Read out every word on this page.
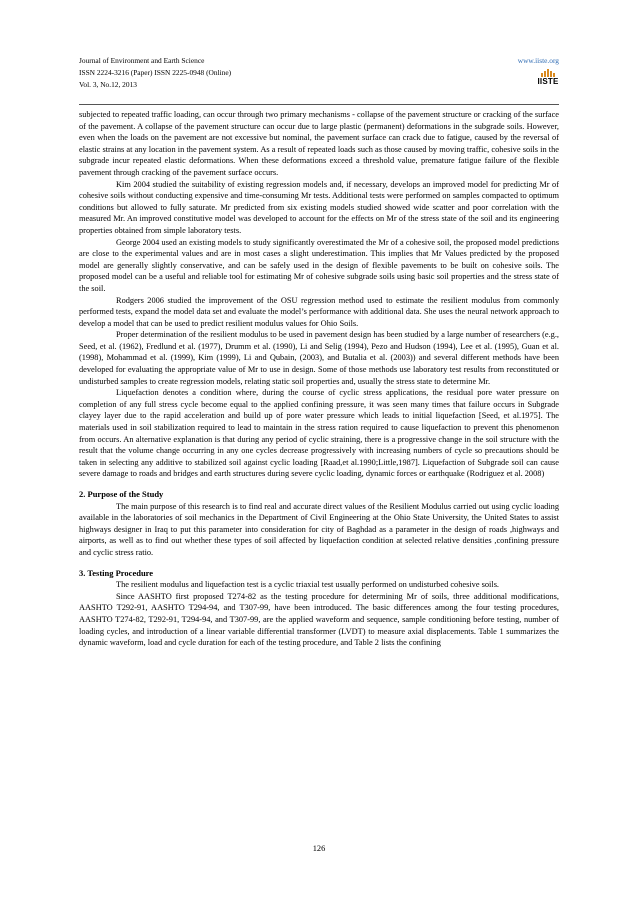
Journal of Environment and Earth Science
ISSN 2224-3216 (Paper) ISSN 2225-0948 (Online)
Vol. 3, No.12, 2013
www.iiste.org
IISTE

subjected to repeated traffic loading, can occur through two primary mechanisms - collapse of the pavement structure or cracking of the surface of the pavement. A collapse of the pavement structure can occur due to large plastic (permanent) deformations in the subgrade soils. However, even when the loads on the pavement are not excessive but nominal, the pavement surface can crack due to fatigue, caused by the reversal of elastic strains at any location in the pavement system. As a result of repeated loads such as those caused by moving traffic, cohesive soils in the subgrade incur repeated elastic deformations. When these deformations exceed a threshold value, premature fatigue failure of the flexible pavement through cracking of the pavement surface occurs.

Kim 2004 studied the suitability of existing regression models and, if necessary, develops an improved model for predicting Mr of cohesive soils without conducting expensive and time-consuming Mr tests. Additional tests were performed on samples compacted to optimum conditions but allowed to fully saturate. Mr predicted from six existing models studied showed wide scatter and poor correlation with the measured Mr. An improved constitutive model was developed to account for the effects on Mr of the stress state of the soil and its engineering properties obtained from simple laboratory tests.

George 2004 used an existing models to study significantly overestimated the Mr of a cohesive soil, the proposed model predictions are close to the experimental values and are in most cases a slight underestimation. This implies that Mr Values predicted by the proposed model are generally slightly conservative, and can be safely used in the design of flexible pavements to be built on cohesive soils. The proposed model can be a useful and reliable tool for estimating Mr of cohesive subgrade soils using basic soil properties and the stress state of the soil.

Rodgers 2006 studied the improvement of the OSU regression method used to estimate the resilient modulus from commonly performed tests, expand the model data set and evaluate the model’s performance with additional data. She uses the neural network approach to develop a model that can be used to predict resilient modulus values for Ohio Soils.

Proper determination of the resilient modulus to be used in pavement design has been studied by a large number of researchers (e.g., Seed, et al. (1962), Fredlund et al. (1977), Drumm et al. (1990), Li and Selig (1994), Pezo and Hudson (1994), Lee et al. (1995), Guan et al. (1998), Mohammad et al. (1999), Kim (1999), Li and Qubain, (2003), and Butalia et al. (2003)) and several different methods have been developed for evaluating the appropriate value of Mr to use in design. Some of those methods use laboratory test results from reconstituted or undisturbed samples to create regression models, relating static soil properties and, usually the stress state to determine Mr.

Liquefaction denotes a condition where, during the course of cyclic stress applications, the residual pore water pressure on completion of any full stress cycle become equal to the applied confining pressure, it was seen many times that failure occurs in Subgrade clayey layer due to the rapid acceleration and build up of pore water pressure which leads to initial liquefaction [Seed, et al.1975]. The materials used in soil stabilization required to lead to maintain in the stress ration required to cause liquefaction to prevent this phenomenon from occurs. An alternative explanation is that during any period of cyclic straining, there is a progressive change in the soil structure with the result that the volume change occurring in any one cycles decrease progressively with increasing numbers of cycle so precautions should be taken in selecting any additive to stabilized soil against cyclic loading [Raad,et al.1990;Little,1987]. Liquefaction of Subgrade soil can cause severe damage to roads and bridges and earth structures during severe cyclic loading, dynamic forces or earthquake (Rodriguez et al. 2008)

2. Purpose of the Study

The main purpose of this research is to find real and accurate direct values of the Resilient Modulus carried out using cyclic loading available in the laboratories of soil mechanics in the Department of Civil Engineering at the Ohio State University, the United States to assist highways designer in Iraq to put this parameter into consideration for city of Baghdad as a parameter in the design of roads ,highways and airports, as well as to find out whether these types of soil affected by liquefaction condition at selected relative densities ,confining pressure and cyclic stress ratio.

3. Testing Procedure

The resilient modulus and liquefaction test is a cyclic triaxial test usually performed on undisturbed cohesive soils.

Since AASHTO first proposed T274-82 as the testing procedure for determining Mr of soils, three additional modifications, AASHTO T292-91, AASHTO T294-94, and T307-99, have been introduced. The basic differences among the four testing procedures, AASHTO T274-82, T292-91, T294-94, and T307-99, are the applied waveform and sequence, sample conditioning before testing, number of loading cycles, and introduction of a linear variable differential transformer (LVDT) to measure axial displacements. Table 1 summarizes the dynamic waveform, load and cycle duration for each of the testing procedure, and Table 2 lists the confining

126
